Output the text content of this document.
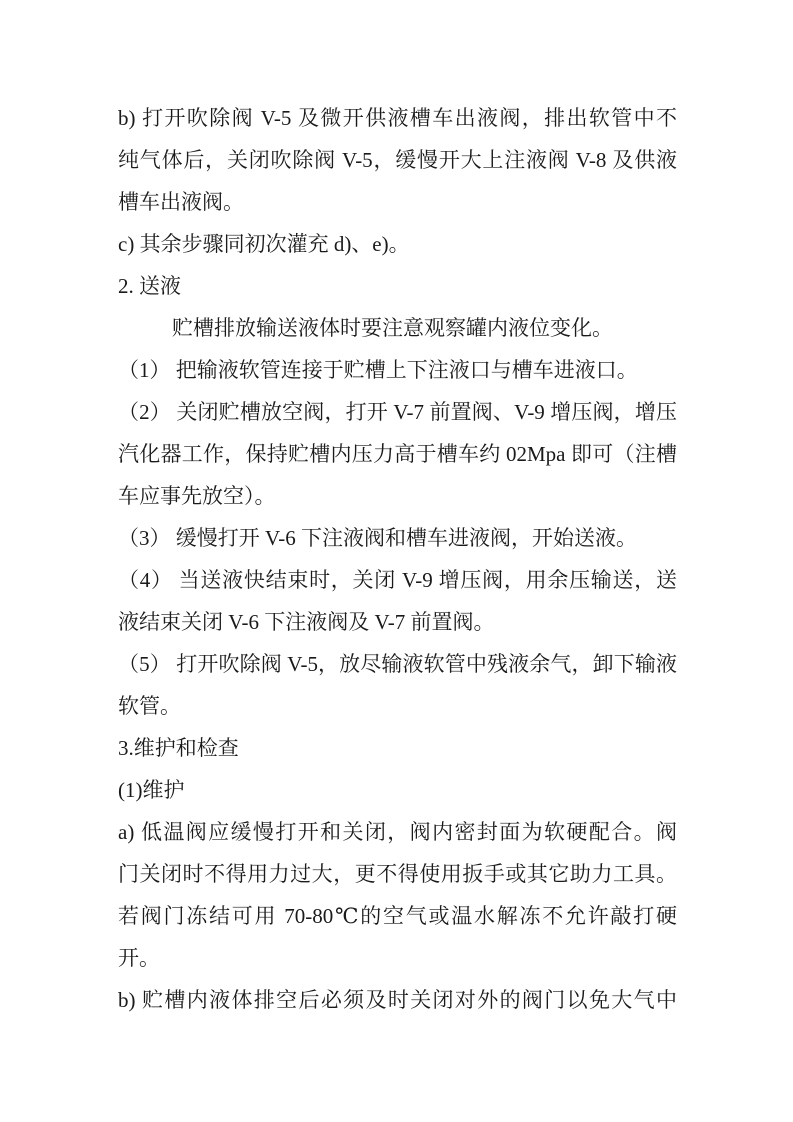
b) 打开吹除阀 V-5 及微开供液槽车出液阀，排出软管中不
纯气体后，关闭吹除阀 V-5，缓慢开大上注液阀 V-8 及供液
槽车出液阀。
c) 其余步骤同初次灌充 d)、e)。
2. 送液
贮槽排放输送液体时要注意观察罐内液位变化。
（1） 把输液软管连接于贮槽上下注液口与槽车进液口。
（2） 关闭贮槽放空阀，打开 V-7 前置阀、V-9 增压阀，增压
汽化器工作，保持贮槽内压力高于槽车约 02Mpa 即可（注槽
车应事先放空）。
（3） 缓慢打开 V-6 下注液阀和槽车进液阀，开始送液。
（4） 当送液快结束时，关闭 V-9 增压阀，用余压输送，送
液结束关闭 V-6 下注液阀及 V-7 前置阀。
（5） 打开吹除阀 V-5，放尽输液软管中残液余气，卸下输液
软管。
3.维护和检查
(1)维护
a) 低温阀应缓慢打开和关闭，阀内密封面为软硬配合。阀
门关闭时不得用力过大，更不得使用扳手或其它助力工具。
若阀门冻结可用 70-80℃的空气或温水解冻不允许敲打硬
开。
b) 贮槽内液体排空后必须及时关闭对外的阀门以免大气中
